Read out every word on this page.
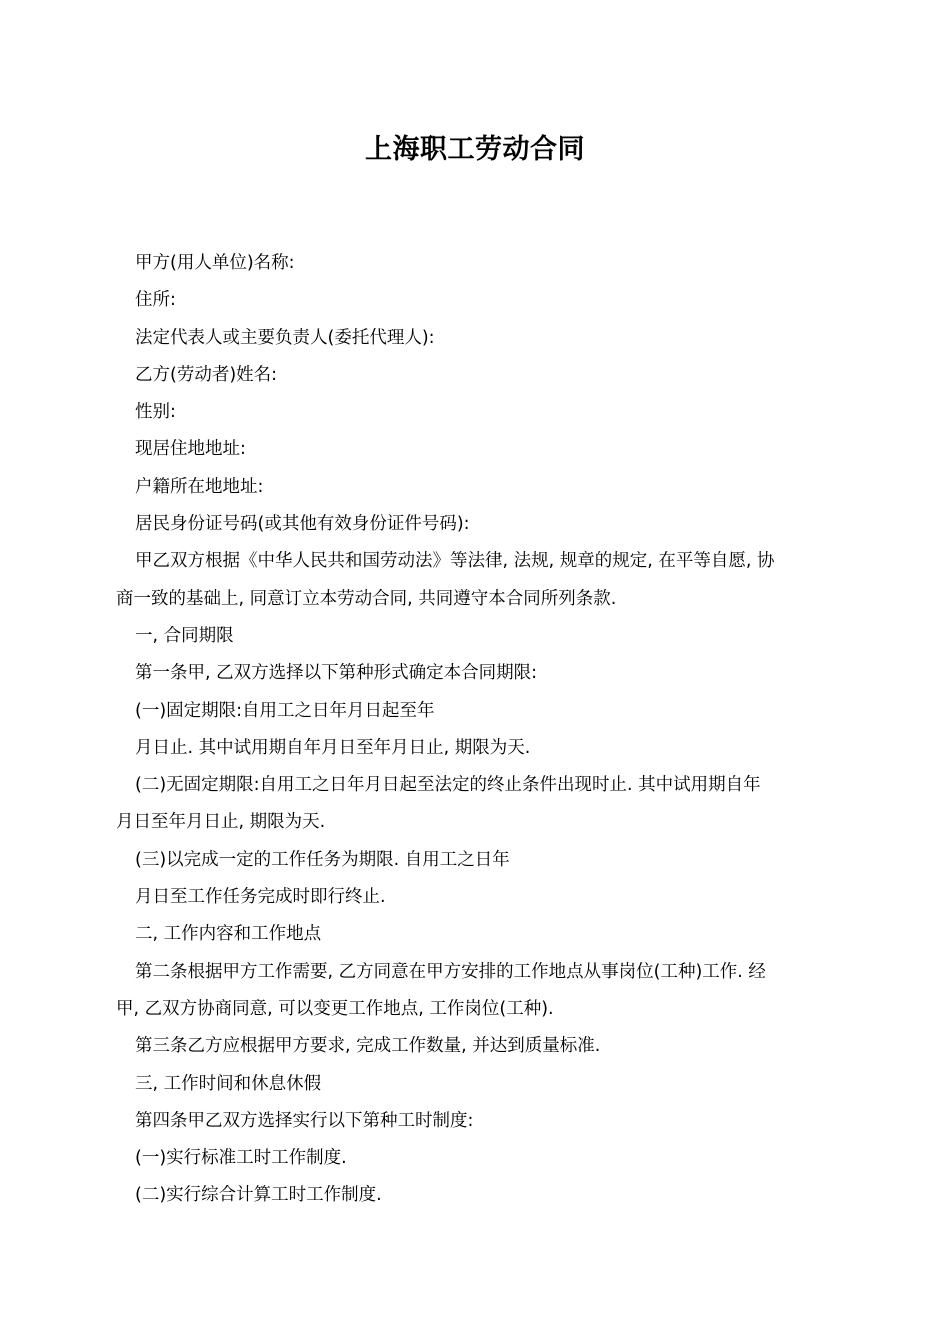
上海职工劳动合同
甲方(用人单位)名称:
住所:
法定代表人或主要负责人(委托代理人):
乙方(劳动者)姓名:
性别:
现居住地地址:
户籍所在地地址:
居民身份证号码(或其他有效身份证件号码):
甲乙双方根据《中华人民共和国劳动法》等法律, 法规, 规章的规定, 在平等自愿, 协
商一致的基础上, 同意订立本劳动合同, 共同遵守本合同所列条款.
一, 合同期限
第一条甲, 乙双方选择以下第种形式确定本合同期限:
(一)固定期限:自用工之日年月日起至年
月日止. 其中试用期自年月日至年月日止, 期限为天.
(二)无固定期限:自用工之日年月日起至法定的终止条件出现时止. 其中试用期自年
月日至年月日止, 期限为天.
(三)以完成一定的工作任务为期限. 自用工之日年
月日至工作任务完成时即行终止.
二, 工作内容和工作地点
第二条根据甲方工作需要, 乙方同意在甲方安排的工作地点从事岗位(工种)工作. 经
甲, 乙双方协商同意, 可以变更工作地点, 工作岗位(工种).
第三条乙方应根据甲方要求, 完成工作数量, 并达到质量标准.
三, 工作时间和休息休假
第四条甲乙双方选择实行以下第种工时制度:
(一)实行标准工时工作制度.
(二)实行综合计算工时工作制度.
